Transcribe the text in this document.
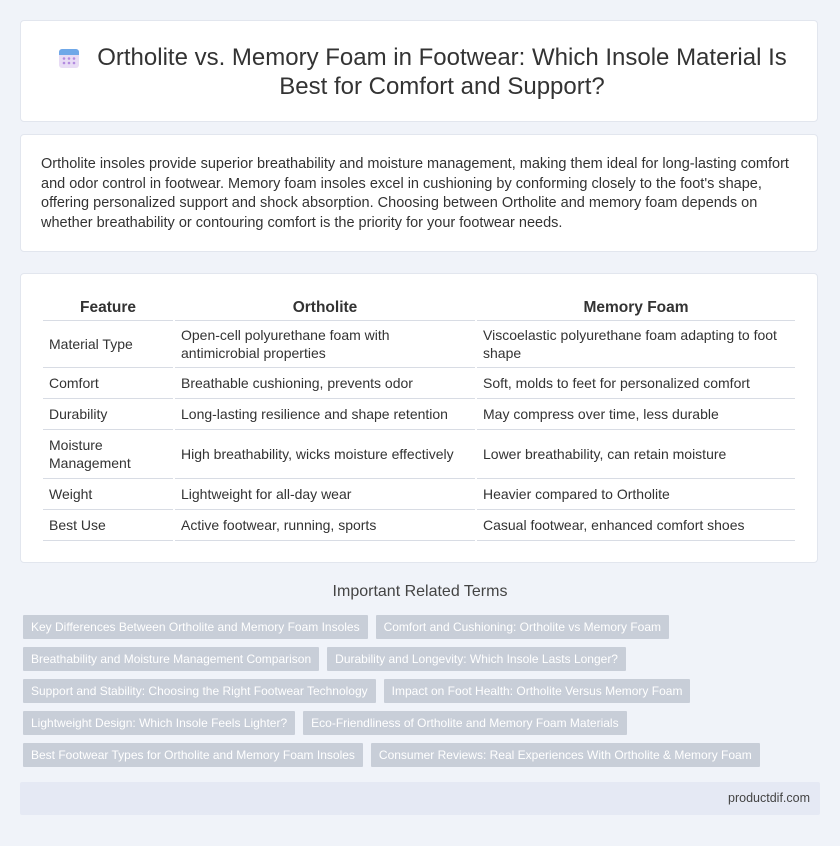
Ortholite vs. Memory Foam in Footwear: Which Insole Material Is Best for Comfort and Support?

Ortholite insoles provide superior breathability and moisture management, making them ideal for long-lasting comfort and odor control in footwear. Memory foam insoles excel in cushioning by conforming closely to the foot's shape, offering personalized support and shock absorption. Choosing between Ortholite and memory foam depends on whether breathability or contouring comfort is the priority for your footwear needs.

Feature	Ortholite	Memory Foam
Material Type	Open-cell polyurethane foam with antimicrobial properties	Viscoelastic polyurethane foam adapting to foot shape
Comfort	Breathable cushioning, prevents odor	Soft, molds to feet for personalized comfort
Durability	Long-lasting resilience and shape retention	May compress over time, less durable
Moisture Management	High breathability, wicks moisture effectively	Lower breathability, can retain moisture
Weight	Lightweight for all-day wear	Heavier compared to Ortholite
Best Use	Active footwear, running, sports	Casual footwear, enhanced comfort shoes
Important Related Terms
Key Differences Between Ortholite and Memory Foam Insoles	Comfort and Cushioning: Ortholite vs Memory Foam
Breathability and Moisture Management Comparison	Durability and Longevity: Which Insole Lasts Longer?
Support and Stability: Choosing the Right Footwear Technology	Impact on Foot Health: Ortholite Versus Memory Foam
Lightweight Design: Which Insole Feels Lighter?	Eco-Friendliness of Ortholite and Memory Foam Materials
Best Footwear Types for Ortholite and Memory Foam Insoles	Consumer Reviews: Real Experiences With Ortholite & Memory Foam
productdif.com
